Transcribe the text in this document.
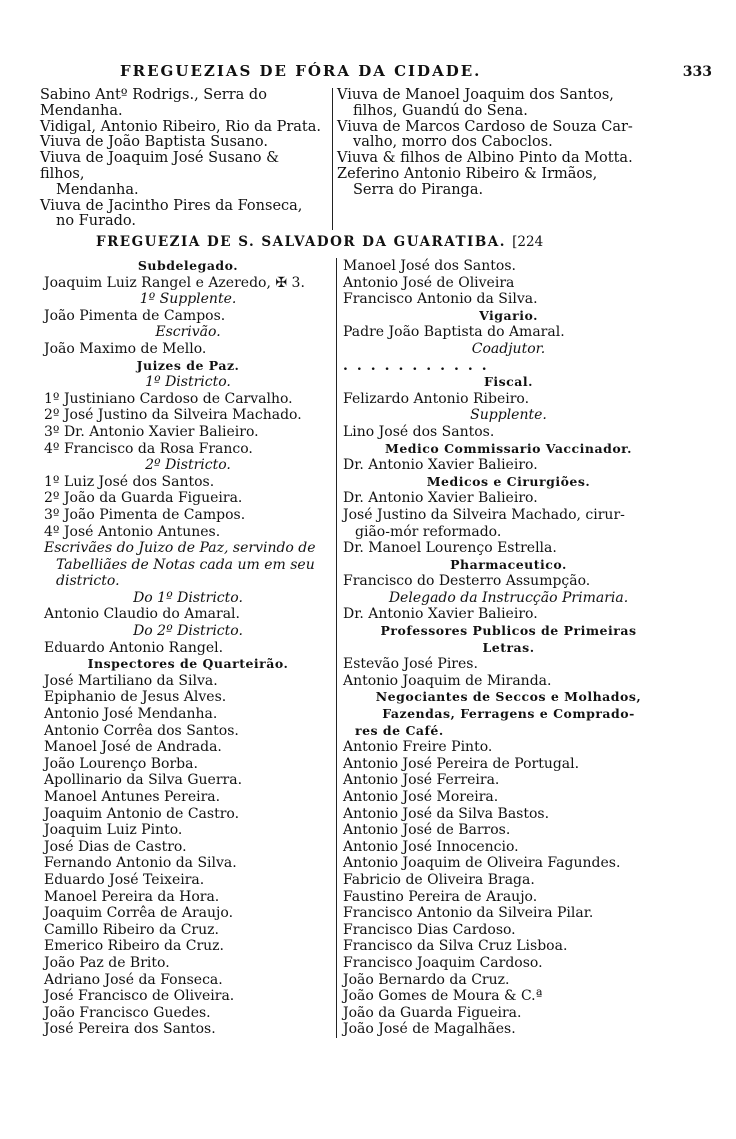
FREGUEZIAS DE FÓRA DA CIDADE.	333

Sabino Antº Rodrigs., Serra do Mendanha.

Vidigal, Antonio Ribeiro, Rio da Prata.

Viuva de João Baptista Susano.

Viuva de Joaquim José Susano & filhos,
Mendanha.

Viuva de Jacintho Pires da Fonseca,
no Furado.

Viuva de Manoel Joaquim dos Santos,
filhos, Guandú do Sena.

Viuva de Marcos Cardoso de Souza Car-
valho, morro dos Caboclos.

Viuva & filhos de Albino Pinto da Motta.

Zeferino Antonio Ribeiro & Irmãos,
Serra do Piranga.

FREGUEZIA DE S. SALVADOR DA GUARATIBA. [224
Subdelegado.
Joaquim Luiz Rangel e Azeredo, ✠ 3.
1º Supplente.
João Pimenta de Campos.
Escrivão.
João Maximo de Mello.
Juizes de Paz.
1º Districto.
1º Justiniano Cardoso de Carvalho.
2º José Justino da Silveira Machado.
3º Dr. Antonio Xavier Balieiro.
4º Francisco da Rosa Franco.
2º Districto.
1º Luiz José dos Santos.
2º João da Guarda Figueira.
3º João Pimenta de Campos.
4º José Antonio Antunes.
Escrivães do Juizo de Paz, servindo de
Tabelliães de Notas cada um em seu
districto.
Do 1º Districto.
Antonio Claudio do Amaral.
Do 2º Districto.
Eduardo Antonio Rangel.
Inspectores de Quarteirão.
José Martiliano da Silva.
Epiphanio de Jesus Alves.
Antonio José Mendanha.
Antonio Corrêa dos Santos.
Manoel José de Andrada.
João Lourenço Borba.
Apollinario da Silva Guerra.
Manoel Antunes Pereira.
Joaquim Antonio de Castro.
Joaquim Luiz Pinto.
José Dias de Castro.
Fernando Antonio da Silva.
Eduardo José Teixeira.
Manoel Pereira da Hora.
Joaquim Corrêa de Araujo.
Camillo Ribeiro da Cruz.
Emerico Ribeiro da Cruz.
João Paz de Brito.
Adriano José da Fonseca.
José Francisco de Oliveira.
João Francisco Guedes.
José Pereira dos Santos.
Manoel José dos Santos.
Antonio José de Oliveira
Francisco Antonio da Silva.
Vigario.
Padre João Baptista do Amaral.
Coadjutor.
...........
Fiscal.
Felizardo Antonio Ribeiro.
Supplente.
Lino José dos Santos.
Medico Commissario Vaccinador.
Dr. Antonio Xavier Balieiro.
Medicos e Cirurgiões.
Dr. Antonio Xavier Balieiro.
José Justino da Silveira Machado, cirur-
gião-mór reformado.
Dr. Manoel Lourenço Estrella.
Pharmaceutico.
Francisco do Desterro Assumpção.
Delegado da Instrucção Primaria.
Dr. Antonio Xavier Balieiro.
Professores Publicos de Primeiras
Letras.
Estevão José Pires.
Antonio Joaquim de Miranda.
Negociantes de Seccos e Molhados,
Fazendas, Ferragens e Comprado-
res de Café.
Antonio Freire Pinto.
Antonio José Pereira de Portugal.
Antonio José Ferreira.
Antonio José Moreira.
Antonio José da Silva Bastos.
Antonio José de Barros.
Antonio José Innocencio.
Antonio Joaquim de Oliveira Fagundes.
Fabricio de Oliveira Braga.
Faustino Pereira de Araujo.
Francisco Antonio da Silveira Pilar.
Francisco Dias Cardoso.
Francisco da Silva Cruz Lisboa.
Francisco Joaquim Cardoso.
João Bernardo da Cruz.
João Gomes de Moura & C.ª
João da Guarda Figueira.
João José de Magalhães.
